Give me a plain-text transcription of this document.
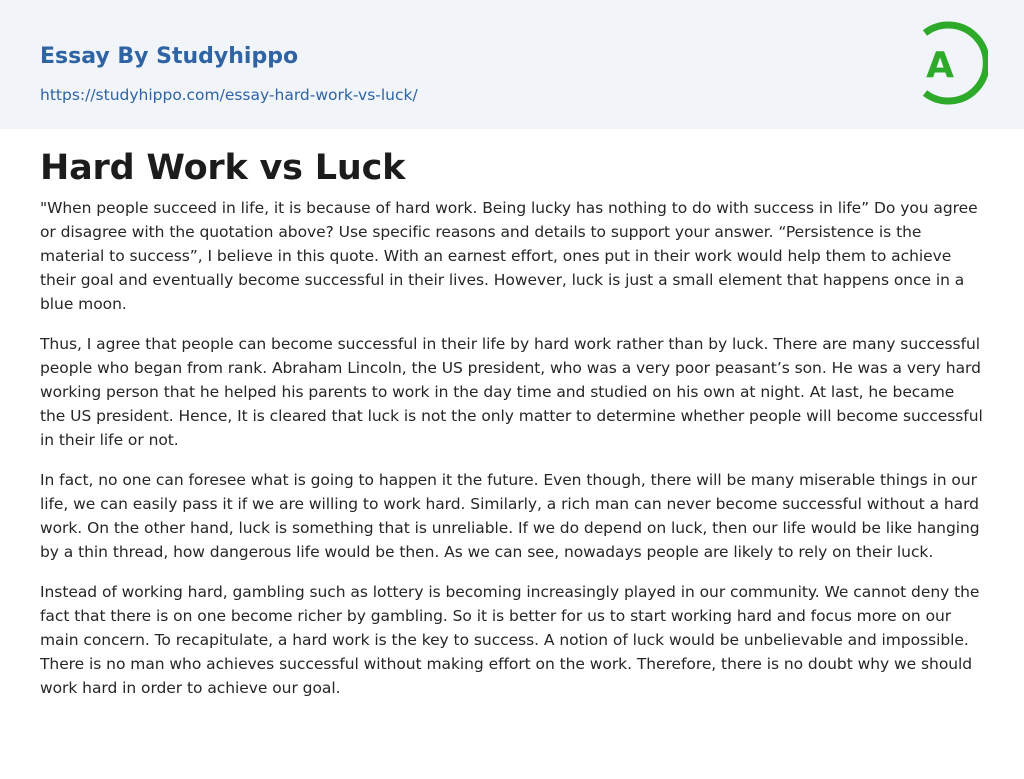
Essay By Studyhippo
https://studyhippo.com/essay-hard-work-vs-luck/
A
Hard Work vs Luck

"When people succeed in life, it is because of hard work. Being lucky has nothing to do with success in life” Do you agree or disagree with the quotation above? Use specific reasons and details to support your answer. “Persistence is the material to success”, I believe in this quote. With an earnest effort, ones put in their work would help them to achieve their goal and eventually become successful in their lives. However, luck is just a small element that happens once in a blue moon.

Thus, I agree that people can become successful in their life by hard work rather than by luck. There are many successful people who began from rank. Abraham Lincoln, the US president, who was a very poor peasant’s son. He was a very hard working person that he helped his parents to work in the day time and studied on his own at night. At last, he became the US president. Hence, It is cleared that luck is not the only matter to determine whether people will become successful in their life or not.

In fact, no one can foresee what is going to happen it the future. Even though, there will be many miserable things in our life, we can easily pass it if we are willing to work hard. Similarly, a rich man can never become successful without a hard work. On the other hand, luck is something that is unreliable. If we do depend on luck, then our life would be like hanging by a thin thread, how dangerous life would be then. As we can see, nowadays people are likely to rely on their luck.

Instead of working hard, gambling such as lottery is becoming increasingly played in our community. We cannot deny the fact that there is on one become richer by gambling. So it is better for us to start working hard and focus more on our main concern. To recapitulate, a hard work is the key to success. A notion of luck would be unbelievable and impossible. There is no man who achieves successful without making effort on the work. Therefore, there is no doubt why we should work hard in order to achieve our goal.
